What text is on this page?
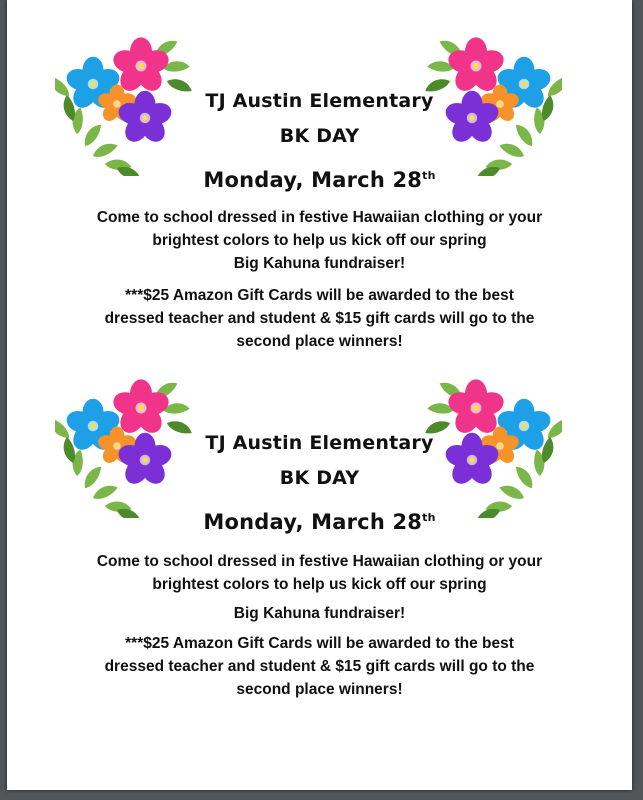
TJ Austin Elementary
BK DAY
Monday, March 28th
Come to school dressed in festive Hawaiian clothing or your
brightest colors to help us kick off our spring
Big Kahuna fundraiser!
***$25 Amazon Gift Cards will be awarded to the best
dressed teacher and student & $15 gift cards will go to the
second place winners!
TJ Austin Elementary
BK DAY
Monday, March 28th
Come to school dressed in festive Hawaiian clothing or your
brightest colors to help us kick off our spring
Big Kahuna fundraiser!
***$25 Amazon Gift Cards will be awarded to the best
dressed teacher and student & $15 gift cards will go to the
second place winners!
